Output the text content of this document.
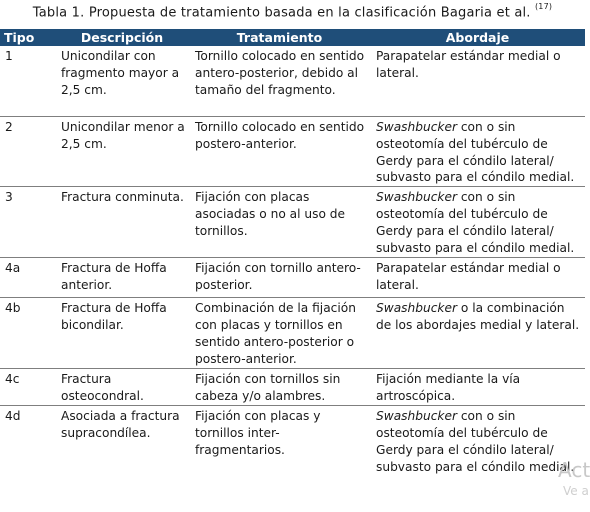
Tabla 1. Propuesta de tratamiento basada en la clasificación Bagaria et al. $^{(17)}$
Tipo	Descripción	Tratamiento	Abordaje
1	Unicondilar con fragmento mayor a 2,5 cm.	Tornillo colocado en sentido antero-posterior, debido al tamaño del fragmento.	Parapatelar estándar medial o lateral.
2	Unicondilar menor a 2,5 cm.	Tornillo colocado en sentido postero-anterior.	Swashbucker con o sin osteotomía del tubérculo de Gerdy para el cóndilo lateral/ subvasto para el cóndilo medial.
3	Fractura conminuta.	Fijación con placas asociadas o no al uso de tornillos.	Swashbucker con o sin osteotomía del tubérculo de Gerdy para el cóndilo lateral/ subvasto para el cóndilo medial.
4a	Fractura de Hoffa anterior.	Fijación con tornillo antero-posterior.	Parapatelar estándar medial o lateral.
4b	Fractura de Hoffa bicondilar.	Combinación de la fijación con placas y tornillos en sentido antero-posterior o postero-anterior.	Swashbucker o la combinación de los abordajes medial y lateral.
4c	Fractura osteocondral.	Fijación con tornillos sin cabeza y/o alambres.	Fijación mediante la vía artroscópica.
4d	Asociada a fractura supracondílea.	Fijación con placas y tornillos inter-fragmentarios.	Swashbucker con o sin osteotomía del tubérculo de Gerdy para el cóndilo lateral/ subvasto para el cóndilo medial.
Act
Ve a
